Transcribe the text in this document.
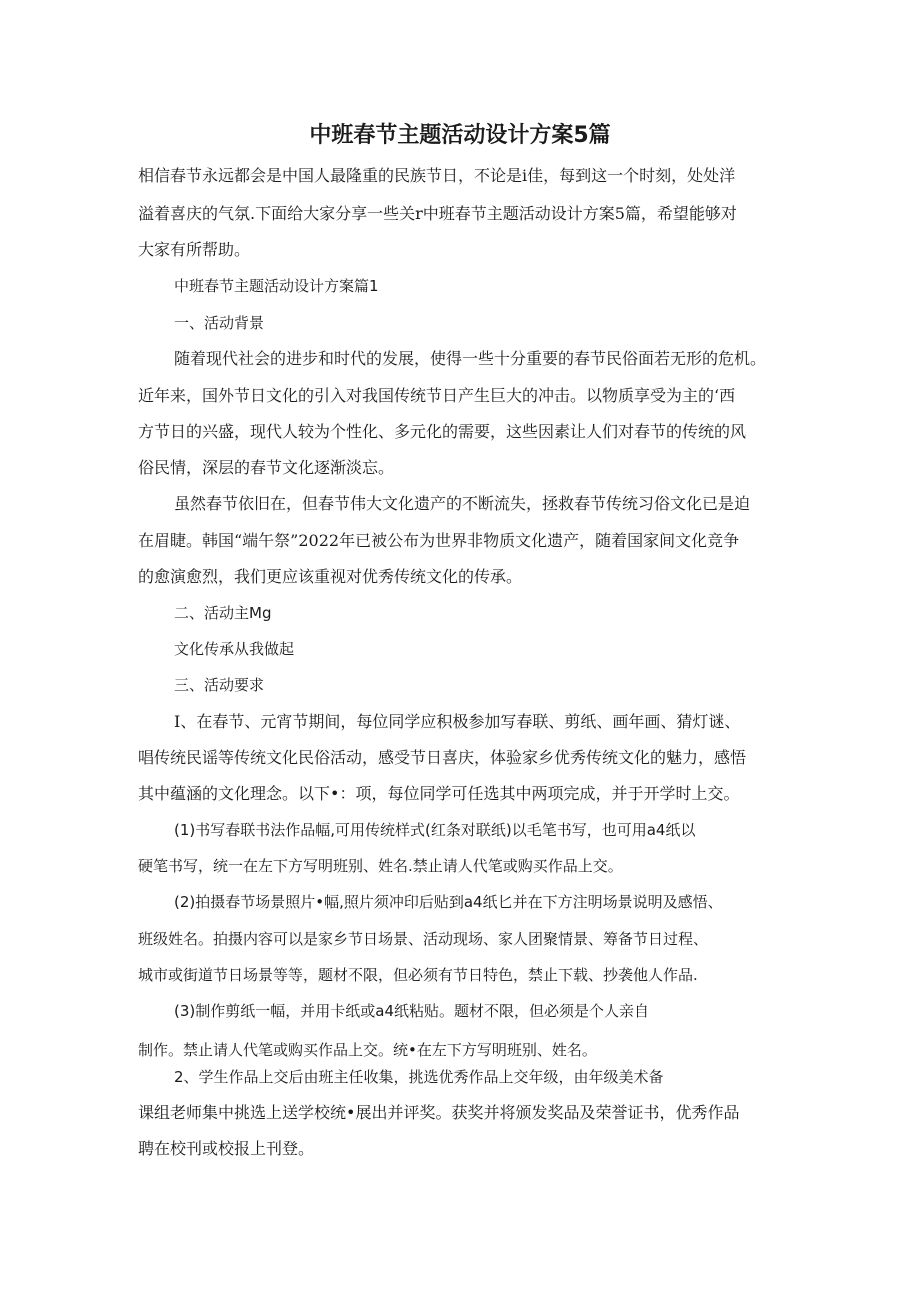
中班春节主题活动设计方案5篇

相信春节永远都会是中国人最隆重的民族节日，不论是i佳，每到这一个时刻，处处洋

溢着喜庆的气氛.下面给大家分享一些关r中班春节主题活动设计方案5篇，希望能够对

大家有所帮助。

中班春节主题活动设计方案篇1

一、活动背景

随着现代社会的进步和时代的发展，使得一些十分重要的春节民俗面若无形的危机。

近年来，国外节日文化的引入对我国传统节日产生巨大的冲击。以物质享受为主的‘西

方节日的兴盛，现代人较为个性化、多元化的需要，这些因素让人们对春节的传统的风

俗民情，深层的春节文化逐渐淡忘。

虽然春节依旧在，但春节伟大文化遗产的不断流失，拯救春节传统习俗文化已是迫

在眉睫。韩国“端午祭”2022年已被公布为世界非物质文化遗产，随着国家间文化竞争

的愈演愈烈，我们更应该重视对优秀传统文化的传承。

二、活动主Mg

文化传承从我做起

三、活动要求

I、在春节、元宵节期间，每位同学应积极参加写春联、剪纸、画年画、猜灯谜、

唱传统民谣等传统文化民俗活动，感受节日喜庆，体验家乡优秀传统文化的魅力，感悟

其中蕴涵的文化理念。以下•：项，每位同学可任选其中两项完成，并于开学时上交。

(1)书写春联书法作品幅,可用传统样式(红条对联纸)以毛笔书写，也可用a4纸以

硬笔书写，统一在左下方写明班别、姓名.禁止请人代笔或购买作品上交。

(2)拍摄春节场景照片•幅,照片须冲印后贴到a4纸匕并在下方注明场景说明及感悟、

班级姓名。拍摄内容可以是家乡节日场景、活动现场、家人团聚情景、筹备节日过程、

城市或街道节日场景等等，题材不限，但必须有节日特色，禁止下载、抄袭他人作品.

(3)制作剪纸一幅，并用卡纸或a4纸粘贴。题材不限，但必须是个人亲自

制作。禁止请人代笔或购买作品上交。统•在左下方写明班别、姓名。

2、学生作品上交后由班主任收集，挑选优秀作品上交年级，由年级美术备

课组老师集中挑选上送学校统•展出并评奖。获奖并将颁发奖品及荣誉证书，优秀作品

聘在校刊或校报上刊登。
